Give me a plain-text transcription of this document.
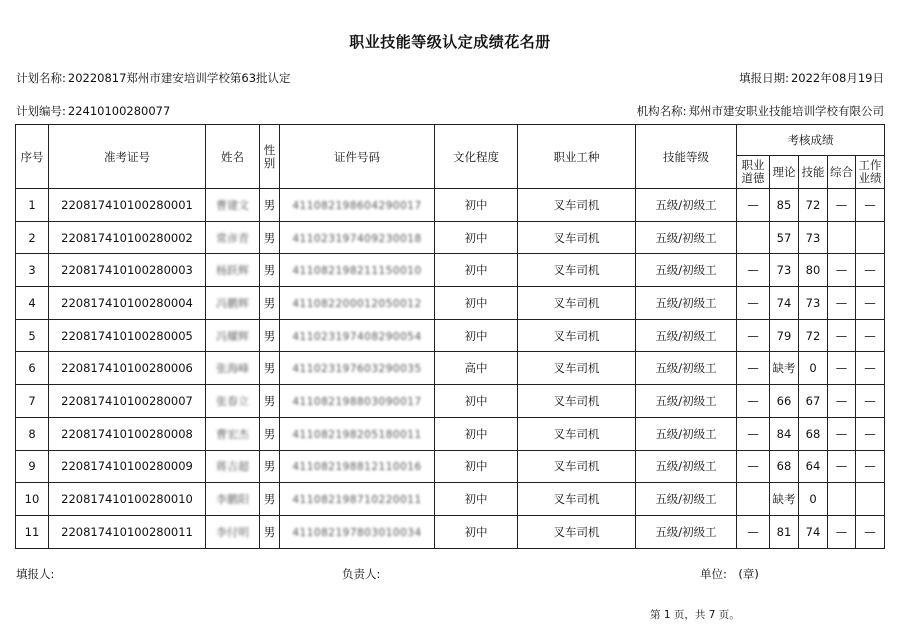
职业技能等级认定成绩花名册
计划名称: 20220817郑州市建安培训学校第63批认定	填报日期: 2022年08月19日
计划编号: 22410100280077	机构名称: 郑州市建安职业技能培训学校有限公司
序号	准考证号	姓名	性别	证件号码	文化程度	职业工种	技能等级	考核成绩				
								职业道德	理论	技能	综合	工作业绩
1	220817410100280001	曹建文	男	411082198604290017	初中	叉车司机	五级/初级工	—	85	72	—	—
2	220817410100280002	常彦青	男	411023197409230018	初中	叉车司机	五级/初级工		57	73		
3	220817410100280003	杨跃辉	男	411082198211150010	初中	叉车司机	五级/初级工	—	73	80	—	—
4	220817410100280004	冯鹏辉	男	411082200012050012	初中	叉车司机	五级/初级工	—	74	73	—	—
5	220817410100280005	冯耀辉	男	411023197408290054	初中	叉车司机	五级/初级工	—	79	72	—	—
6	220817410100280006	张海峰	男	411023197603290035	高中	叉车司机	五级/初级工	—	缺考	0	—	—
7	220817410100280007	张春立	男	411082198803090017	初中	叉车司机	五级/初级工	—	66	67	—	—
8	220817410100280008	曹宏杰	男	411082198205180011	初中	叉车司机	五级/初级工	—	84	68	—	—
9	220817410100280009	蒋吉超	男	411082198812110016	初中	叉车司机	五级/初级工	—	68	64	—	—
10	220817410100280010	李鹏阳	男	411082198710220011	初中	叉车司机	五级/初级工		缺考	0		
11	220817410100280011	李付明	男	411082197803010034	初中	叉车司机	五级/初级工	—	81	74	—	—
填报人:	负责人:	单位:　(章)
第 1 页，共 7 页。
